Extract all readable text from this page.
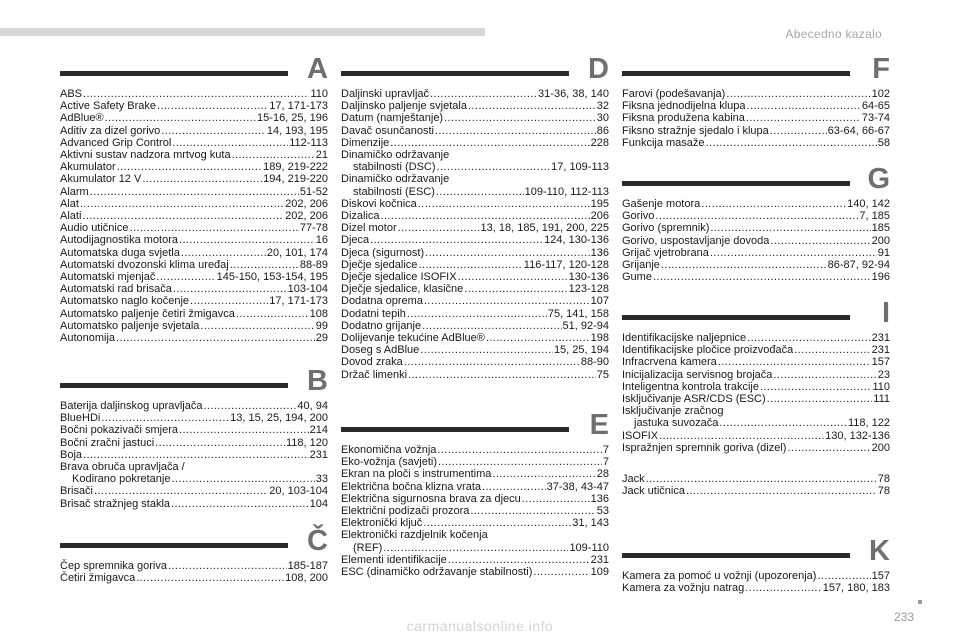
Abecedno kazalo
A
ABS .....	110
Active Safety Brake .....	17, 171-173
AdBlue® .....	15-16, 25, 196
Aditiv za dizel gorivo .....	14, 193, 195
Advanced Grip Control .....	112-113
Aktivni sustav nadzora mrtvog kuta .....	21
Akumulator .....	189, 219-222
Akumulator 12 V .....	194, 219-220
Alarm .....	51-52
Alat .....	202, 206
Alati .....	202, 206
Audio utičnice .....	77-78
Autodijagnostika motora .....	16
Automatska duga svjetla .....	20, 101, 174
Automatski dvozonski klima uređaj .....	88-89
Automatski mjenjač .....	145-150, 153-154, 195
Automatski rad brisača .....	103-104
Automatsko naglo kočenje .....	17, 171-173
Automatsko paljenje četiri žmigavca .....	108
Automatsko paljenje svjetala .....	99
Autonomija .....	29
B
Baterija daljinskog upravljača .....	40, 94
BlueHDi .....	13, 15, 25, 194, 200
Bočni pokazivači smjera .....	214
Bočni zračni jastuci .....	118, 120
Boja .....	231
Brava obruča upravljača /
Kodirano pokretanje .....	33
Brisači .....	20, 103-104
Brisač stražnjeg stakla .....	104
Č
Čep spremnika goriva .....	185-187
Četiri žmigavca .....	108, 200
D
Daljinski upravljač .....	31-36, 38, 140
Daljinsko paljenje svjetala .....	32
Datum (namještanje) .....	30
Davač osunčanosti .....	86
Dimenzije .....	228
Dinamičko održavanje
stabilnosti (DSC) .....	17, 109-113
Dinamičko održavanje
stabilnosti (ESC) .....	109-110, 112-113
Diskovi kočnica .....	195
Dizalica .....	206
Dizel motor .....	13, 18, 185, 191, 200, 225
Djeca .....	124, 130-136
Djeca (sigurnost) .....	136
Dječje sjedalice .....	116-117, 120-128
Dječje sjedalice ISOFIX .....	130-136
Dječje sjedalice, klasične .....	123-128
Dodatna oprema .....	107
Dodatni tepih .....	75, 141, 158
Dodatno grijanje .....	51, 92-94
Dolijevanje tekućine AdBlue® .....	198
Doseg s AdBlue .....	15, 25, 194
Dovod zraka .....	88-90
Držač limenki .....	75
E
Ekonomična vožnja .....	7
Eko-vožnja (savjeti) .....	7
Ekran na ploči s instrumentima .....	28
Električna bočna klizna vrata .....	37-38, 43-47
Električna sigurnosna brava za djecu .....	136
Električni podizači prozora .....	53
Elektronički ključ .....	31, 143
Elektronički razdjelnik kočenja
(REF) .....	109-110
Elementi identifikacije .....	231
ESC (dinamičko održavanje stabilnosti) .....	109
F
Farovi (podešavanja) .....	102
Fiksna jednodijelna klupa .....	64-65
Fiksna produžena kabina .....	73-74
Fiksno stražnje sjedalo i klupa .....	63-64, 66-67
Funkcija masaže .....	58
G
Gašenje motora .....	140, 142
Gorivo .....	7, 185
Gorivo (spremnik) .....	185
Gorivo, uspostavljanje dovoda .....	200
Grijač vjetrobrana .....	91
Grijanje .....	86-87, 92-94
Gume .....	196
I
Identifikacijske naljepnice .....	231
Identifikacijske pločice proizvođača .....	231
Infracrvena kamera .....	157
Inicijalizacija servisnog brojača .....	23
Inteligentna kontrola trakcije .....	110
Isključivanje ASR/CDS (ESC) .....	111
Isključivanje zračnog
jastuka suvozača .....	118, 122
ISOFIX .....	130, 132-136
Ispražnjen spremnik goriva (dizel) .....	200
Jack .....	78
Jack utičnica .....	78
K
Kamera za pomoć u vožnji (upozorenja) .....	157
Kamera za vožnju natrag .....	157, 180, 183
233
carmanualsonline.info
